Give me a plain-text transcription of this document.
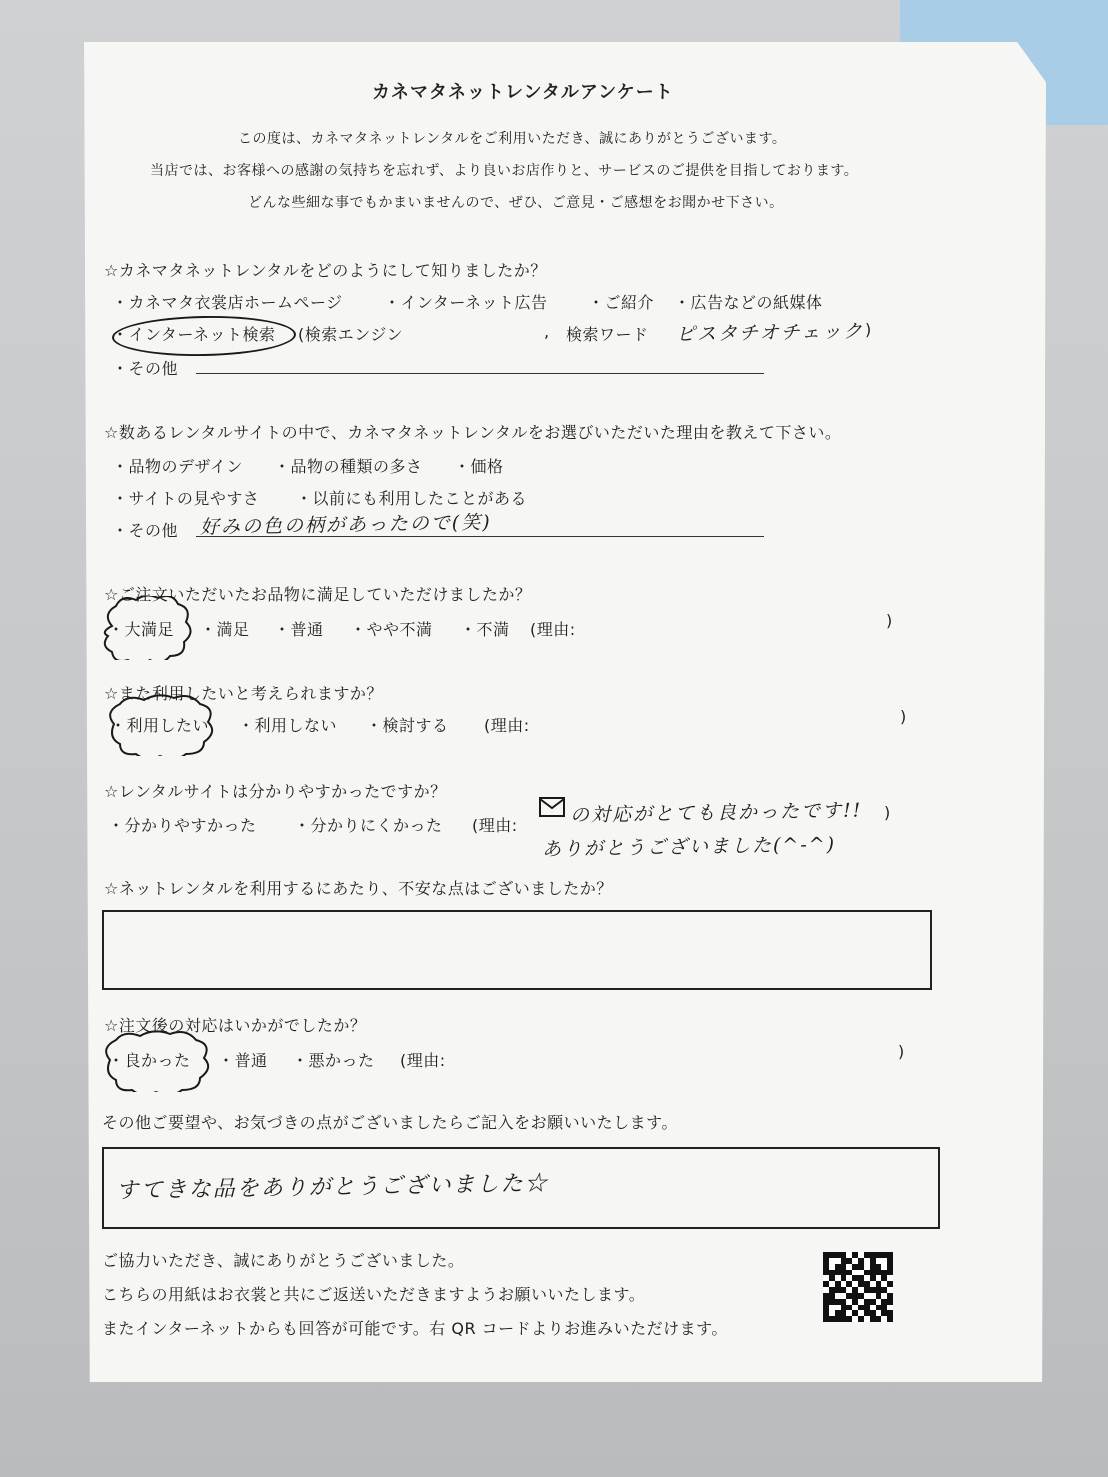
カネマタネットレンタルアンケート
この度は、カネマタネットレンタルをご利用いただき、誠にありがとうございます。
当店では、お客様への感謝の気持ちを忘れず、より良いお店作りと、サービスのご提供を目指しております。
どんな些細な事でもかまいませんので、ぜひ、ご意見・ご感想をお聞かせ下さい。
☆カネマタネットレンタルをどのようにして知りましたか？
・カネマタ衣裳店ホームページ	・インターネット広告	・ご紹介 ・広告などの紙媒体
・インターネット検索 (検索エンジン	, 検索ワード ピスタチオチェック )
・その他
☆数あるレンタルサイトの中で、カネマタネットレンタルをお選びいただいた理由を教えて下さい。
・品物のデザイン ・品物の種類の多さ ・価格
・サイトの見やすさ ・以前にも利用したことがある
・その他 好みの色の柄があったので(笑)
☆ご注文いただいたお品物に満足していただけましたか？
・大満足 ・満足 ・普通 ・やや不満 ・不満 (理由:	)
☆また利用したいと考えられますか？
・利用したい ・利用しない ・検討する (理由:	)
☆レンタルサイトは分かりやすかったですか？
・分かりやすかった ・分かりにくかった (理由:	の対応がとても良かったです!! )
ありがとうございました(^-^)
☆ネットレンタルを利用するにあたり、不安な点はございましたか？
☆注文後の対応はいかがでしたか？
・良かった ・普通 ・悪かった (理由:	)
その他ご要望や、お気づきの点がございましたらご記入をお願いいたします。
すてきな品をありがとうございました☆
ご協力いただき、誠にありがとうございました。
こちらの用紙はお衣裳と共にご返送いただきますようお願いいたします。
またインターネットからも回答が可能です。右 QR コードよりお進みいただけます。
